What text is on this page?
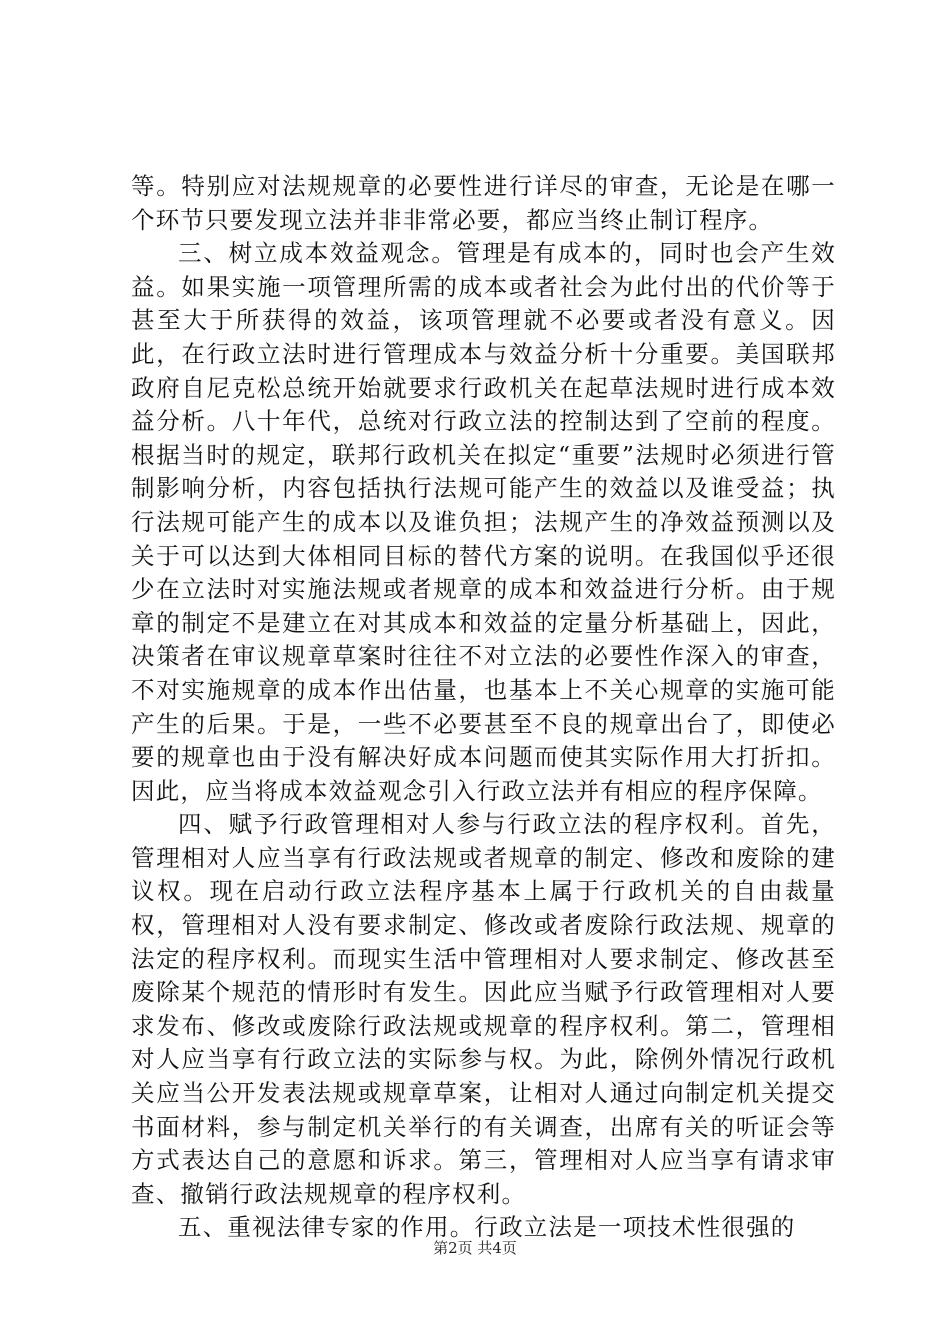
等。特别应对法规规章的必要性进行详尽的审查，无论是在哪一个环节只要发现立法并非非常必要，都应当终止制订程序。

三、树立成本效益观念。管理是有成本的，同时也会产生效益。如果实施一项管理所需的成本或者社会为此付出的代价等于甚至大于所获得的效益，该项管理就不必要或者没有意义。因此，在行政立法时进行管理成本与效益分析十分重要。美国联邦政府自尼克松总统开始就要求行政机关在起草法规时进行成本效益分析。八十年代，总统对行政立法的控制达到了空前的程度。根据当时的规定，联邦行政机关在拟定“重要”法规时必须进行管制影响分析，内容包括执行法规可能产生的效益以及谁受益；执行法规可能产生的成本以及谁负担；法规产生的净效益预测以及关于可以达到大体相同目标的替代方案的说明。在我国似乎还很少在立法时对实施法规或者规章的成本和效益进行分析。由于规章的制定不是建立在对其成本和效益的定量分析基础上，因此，决策者在审议规章草案时往往不对立法的必要性作深入的审查，不对实施规章的成本作出估量，也基本上不关心规章的实施可能产生的后果。于是，一些不必要甚至不良的规章出台了，即使必要的规章也由于没有解决好成本问题而使其实际作用大打折扣。因此，应当将成本效益观念引入行政立法并有相应的程序保障。

四、赋予行政管理相对人参与行政立法的程序权利。首先，管理相对人应当享有行政法规或者规章的制定、修改和废除的建议权。现在启动行政立法程序基本上属于行政机关的自由裁量权，管理相对人没有要求制定、修改或者废除行政法规、规章的法定的程序权利。而现实生活中管理相对人要求制定、修改甚至废除某个规范的情形时有发生。因此应当赋予行政管理相对人要求发布、修改或废除行政法规或规章的程序权利。第二，管理相对人应当享有行政立法的实际参与权。为此，除例外情况行政机关应当公开发表法规或规章草案，让相对人通过向制定机关提交书面材料，参与制定机关举行的有关调查，出席有关的听证会等方式表达自己的意愿和诉求。第三，管理相对人应当享有请求审查、撤销行政法规规章的程序权利。

五、重视法律专家的作用。行政立法是一项技术性很强的

第2页 共4页
